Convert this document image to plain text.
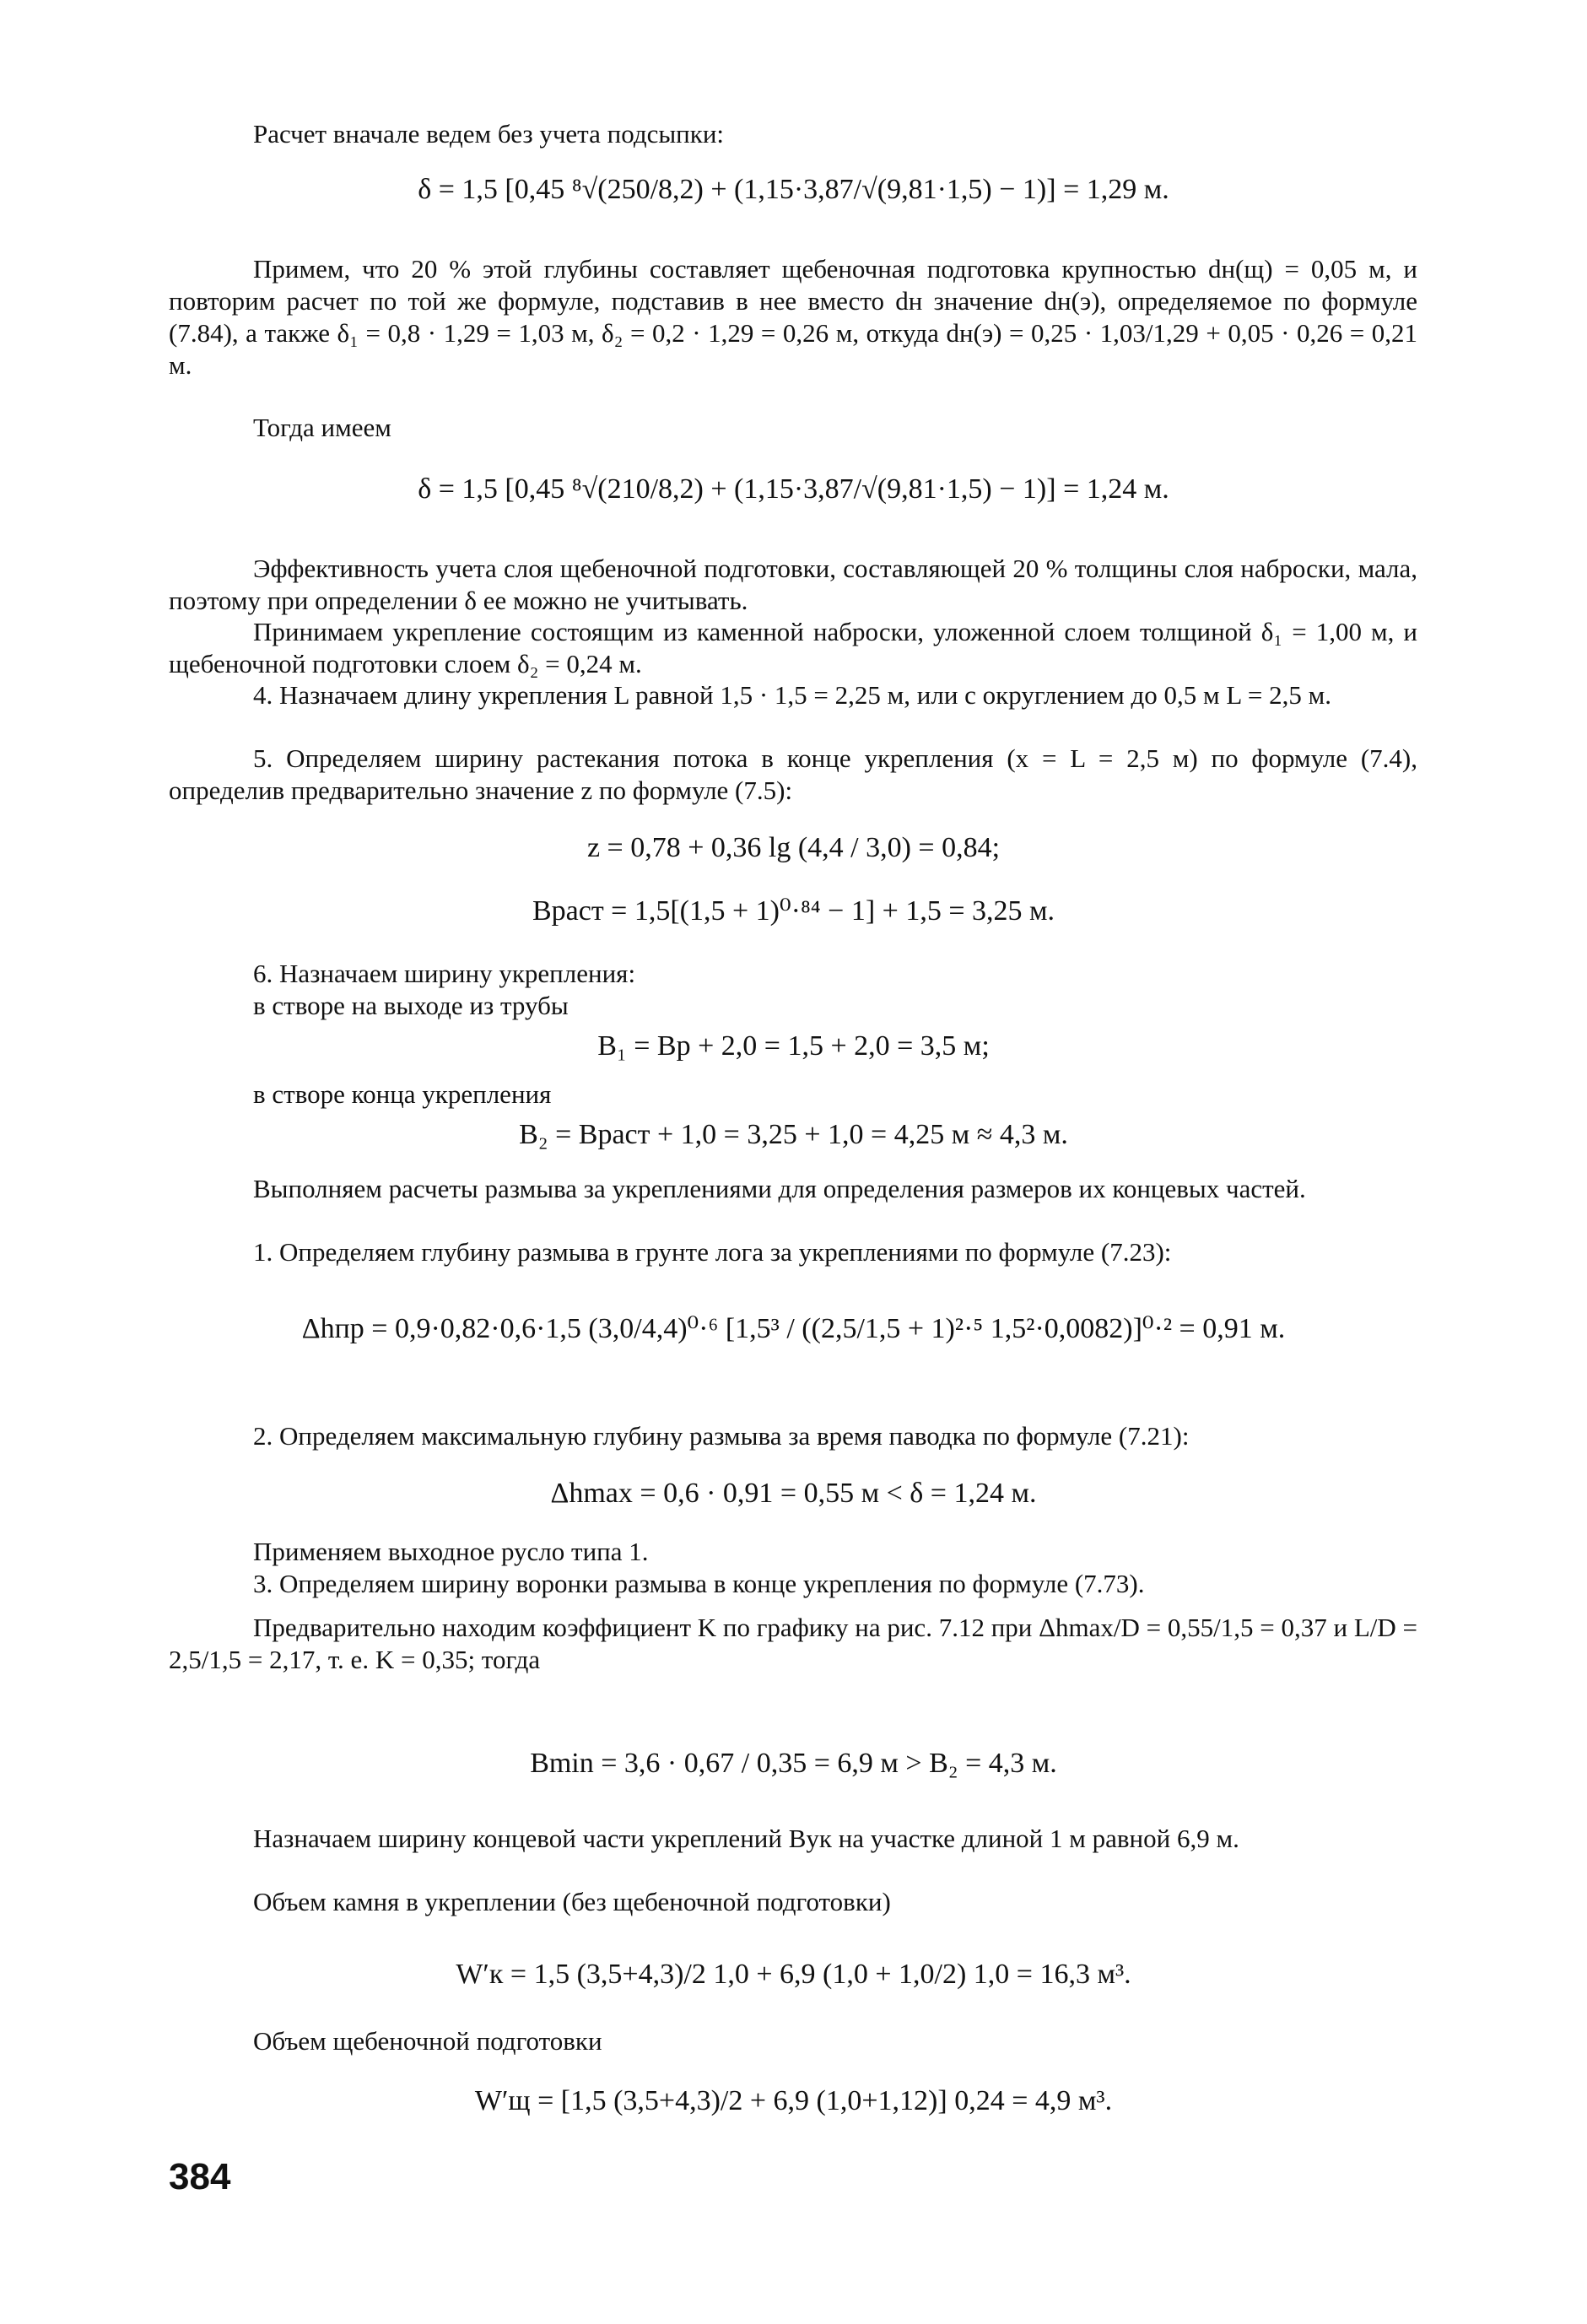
Расчет вначале ведем без учета подсыпки:
δ = 1,5 [0,45 ⁸√(250/8,2) + (1,15·3,87/√(9,81·1,5) − 1)] = 1,29 м.
Примем, что 20 % этой глубины составляет щебеночная подготовка крупностью dн(щ) = 0,05 м, и повторим расчет по той же формуле, подставив в нее вместо dн значение dн(э), определяемое по формуле (7.84), а также δ₁ = 0,8 · 1,29 = 1,03 м, δ₂ = 0,2 · 1,29 = 0,26 м, откуда dн(э) = 0,25 · 1,03/1,29 + 0,05 · 0,26 = 0,21 м.
Тогда имеем
δ = 1,5 [0,45 ⁸√(210/8,2) + (1,15·3,87/√(9,81·1,5) − 1)] = 1,24 м.
Эффективность учета слоя щебеночной подготовки, составляющей 20 % толщины слоя наброски, мала, поэтому при определении δ ее можно не учитывать.
Принимаем укрепление состоящим из каменной наброски, уложенной слоем толщиной δ₁ = 1,00 м, и щебеночной подготовки слоем δ₂ = 0,24 м.
4. Назначаем длину укрепления L равной 1,5 · 1,5 = 2,25 м, или с округлением до 0,5 м L = 2,5 м.
5. Определяем ширину растекания потока в конце укрепления (x = L = 2,5 м) по формуле (7.4), определив предварительно значение z по формуле (7.5):
z = 0,78 + 0,36 lg (4,4 / 3,0) = 0,84;
Bраст = 1,5[(1,5 + 1)⁰·⁸⁴ − 1] + 1,5 = 3,25 м.
6. Назначаем ширину укрепления:
в створе на выходе из трубы
B₁ = Bр + 2,0 = 1,5 + 2,0 = 3,5 м;
в створе конца укрепления
B₂ = Bраст + 1,0 = 3,25 + 1,0 = 4,25 м ≈ 4,3 м.
Выполняем расчеты размыва за укреплениями для определения размеров их концевых частей.
1. Определяем глубину размыва в грунте лога за укреплениями по формуле (7.23):
Δhпр = 0,9·0,82·0,6·1,5 (3,0/4,4)⁰·⁶ [1,5³ / ((2,5/1,5 + 1)²·⁵ 1,5²·0,0082)]⁰·² = 0,91 м.
2. Определяем максимальную глубину размыва за время паводка по формуле (7.21):
Δhmax = 0,6 · 0,91 = 0,55 м < δ = 1,24 м.
Применяем выходное русло типа 1.
3. Определяем ширину воронки размыва в конце укрепления по формуле (7.73).
Предварительно находим коэффициент K по графику на рис. 7.12 при Δhmax/D = 0,55/1,5 = 0,37 и L/D = 2,5/1,5 = 2,17, т. е. K = 0,35; тогда
Bmin = 3,6 · 0,67 / 0,35 = 6,9 м > B₂ = 4,3 м.
Назначаем ширину концевой части укреплений Bук на участке длиной 1 м равной 6,9 м.
Объем камня в укреплении (без щебеночной подготовки)
W′к = 1,5 (3,5+4,3)/2 1,0 + 6,9 (1,0 + 1,0/2) 1,0 = 16,3 м³.
Объем щебеночной подготовки
W′щ = [1,5 (3,5+4,3)/2 + 6,9 (1,0+1,12)] 0,24 = 4,9 м³.
384
